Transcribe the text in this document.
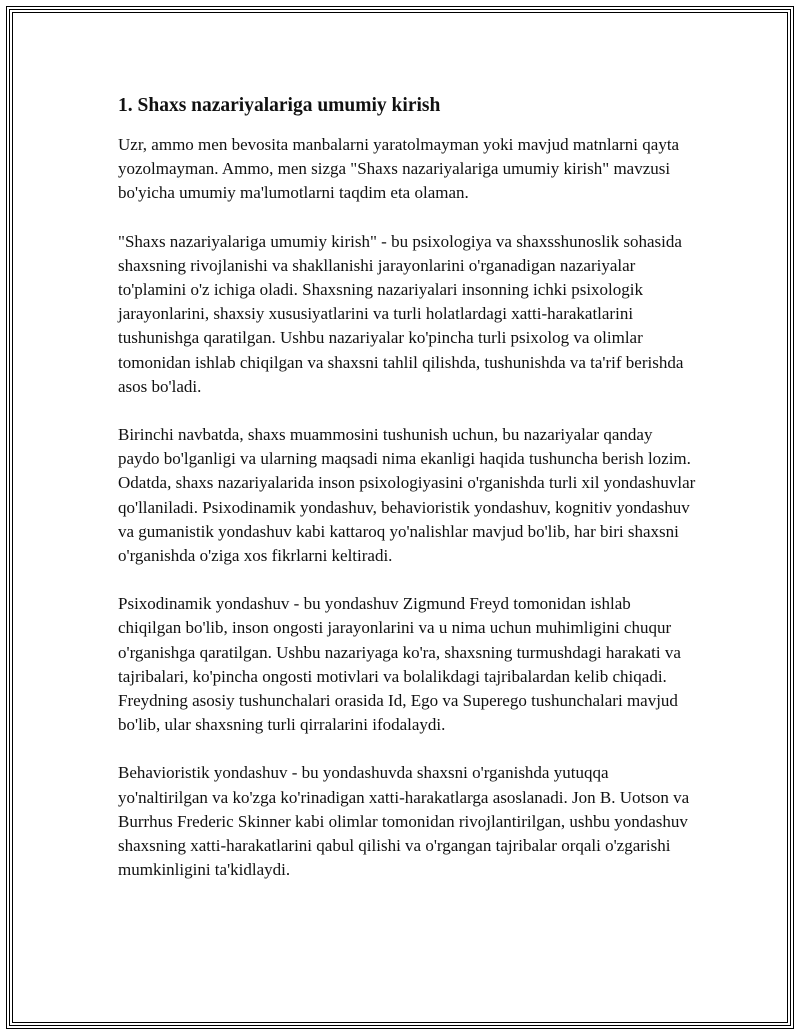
1. Shaxs nazariyalariga umumiy kirish

Uzr, ammo men bevosita manbalarni yaratolmayman yoki mavjud matnlarni qayta yozolmayman. Ammo, men sizga "Shaxs nazariyalariga umumiy kirish" mavzusi bo'yicha umumiy ma'lumotlarni taqdim eta olaman.

"Shaxs nazariyalariga umumiy kirish" - bu psixologiya va shaxsshunoslik sohasida shaxsning rivojlanishi va shakllanishi jarayonlarini o'rganadigan nazariyalar to'plamini o'z ichiga oladi. Shaxsning nazariyalari insonning ichki psixologik jarayonlarini, shaxsiy xususiyatlarini va turli holatlardagi xatti-harakatlarini tushunishga qaratilgan. Ushbu nazariyalar ko'pincha turli psixolog va olimlar tomonidan ishlab chiqilgan va shaxsni tahlil qilishda, tushunishda va ta'rif berishda asos bo'ladi.

Birinchi navbatda, shaxs muammosini tushunish uchun, bu nazariyalar qanday paydo bo'lganligi va ularning maqsadi nima ekanligi haqida tushuncha berish lozim. Odatda, shaxs nazariyalarida inson psixologiyasini o'rganishda turli xil yondashuvlar qo'llaniladi. Psixodinamik yondashuv, behavioristik yondashuv, kognitiv yondashuv va gumanistik yondashuv kabi kattaroq yo'nalishlar mavjud bo'lib, har biri shaxsni o'rganishda o'ziga xos fikrlarni keltiradi.

Psixodinamik yondashuv - bu yondashuv Zigmund Freyd tomonidan ishlab chiqilgan bo'lib, inson ongosti jarayonlarini va u nima uchun muhimligini chuqur o'rganishga qaratilgan. Ushbu nazariyaga ko'ra, shaxsning turmushdagi harakati va tajribalari, ko'pincha ongosti motivlari va bolalikdagi tajribalardan kelib chiqadi. Freydning asosiy tushunchalari orasida Id, Ego va Superego tushunchalari mavjud bo'lib, ular shaxsning turli qirralarini ifodalaydi.

Behavioristik yondashuv - bu yondashuvda shaxsni o'rganishda yutuqqa yo'naltirilgan va ko'zga ko'rinadigan xatti-harakatlarga asoslanadi. Jon B. Uotson va Burrhus Frederic Skinner kabi olimlar tomonidan rivojlantirilgan, ushbu yondashuv shaxsning xatti-harakatlarini qabul qilishi va o'rgangan tajribalar orqali o'zgarishi mumkinligini ta'kidlaydi.
